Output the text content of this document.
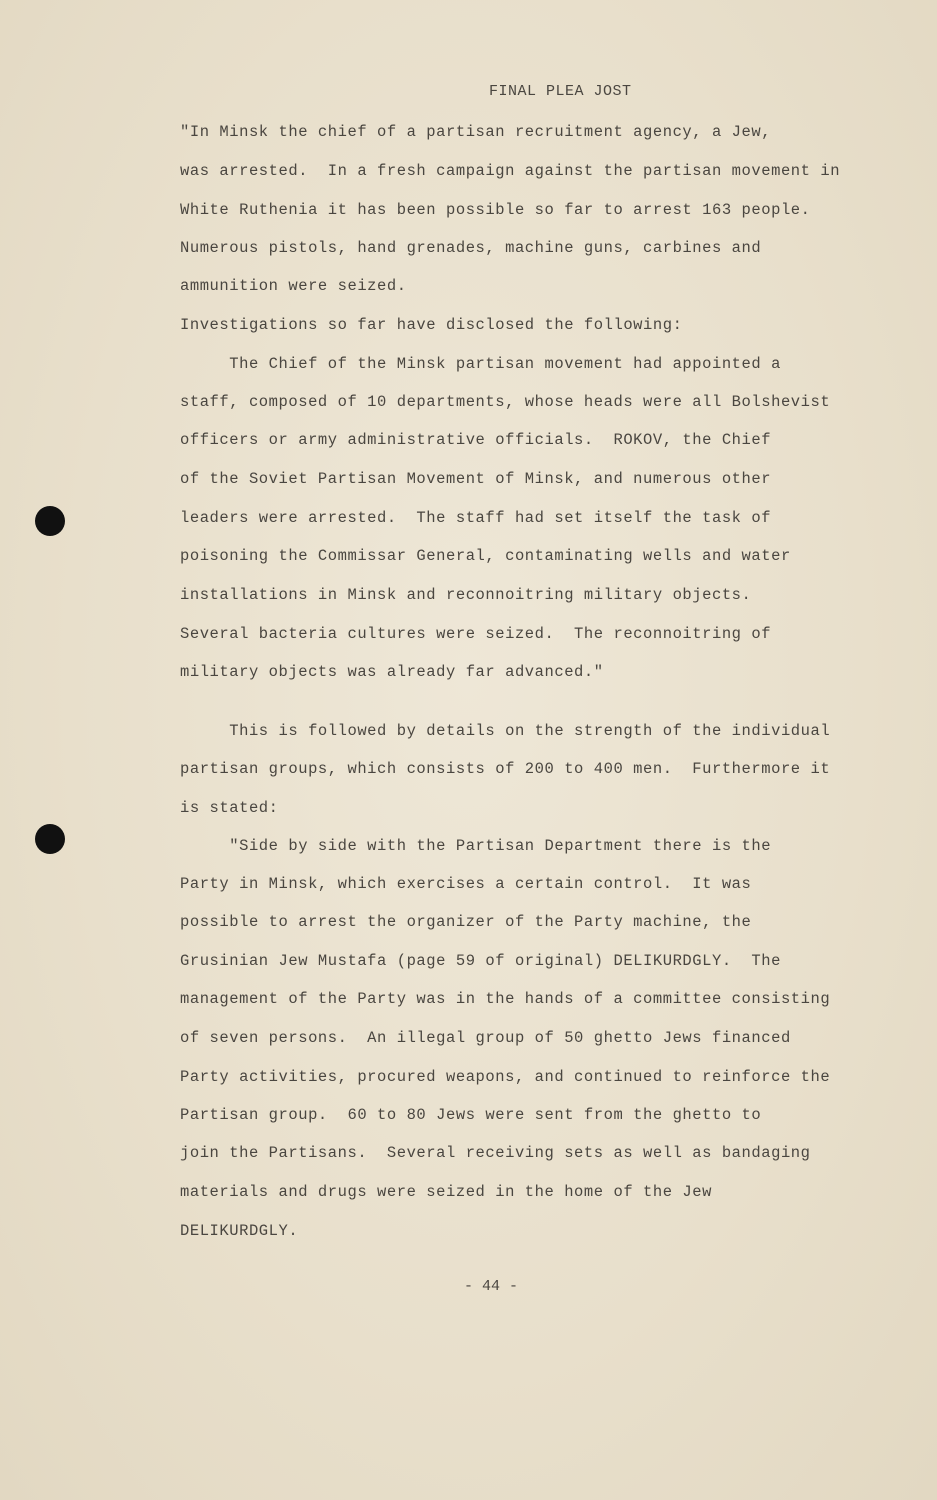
FINAL PLEA JOST
"In Minsk the chief of a partisan recruitment agency, a Jew,
was arrested.  In a fresh campaign against the partisan movement in
White Ruthenia it has been possible so far to arrest 163 people.
Numerous pistols, hand grenades, machine guns, carbines and
ammunition were seized.
Investigations so far have disclosed the following:
The Chief of the Minsk partisan movement had appointed a
staff, composed of 10 departments, whose heads were all Bolshevist
officers or army administrative officials.  ROKOV, the Chief
of the Soviet Partisan Movement of Minsk, and numerous other
leaders were arrested.  The staff had set itself the task of
poisoning the Commissar General, contaminating wells and water
installations in Minsk and reconnoitring military objects.
Several bacteria cultures were seized.  The reconnoitring of
military objects was already far advanced."
This is followed by details on the strength of the individual
partisan groups, which consists of 200 to 400 men.  Furthermore it
is stated:
"Side by side with the Partisan Department there is the
Party in Minsk, which exercises a certain control.  It was
possible to arrest the organizer of the Party machine, the
Grusinian Jew Mustafa (page 59 of original) DELIKURDGLY.  The
management of the Party was in the hands of a committee consisting
of seven persons.  An illegal group of 50 ghetto Jews financed
Party activities, procured weapons, and continued to reinforce the
Partisan group.  60 to 80 Jews were sent from the ghetto to
join the Partisans.  Several receiving sets as well as bandaging
materials and drugs were seized in the home of the Jew
DELIKURDGLY.
- 44 -
